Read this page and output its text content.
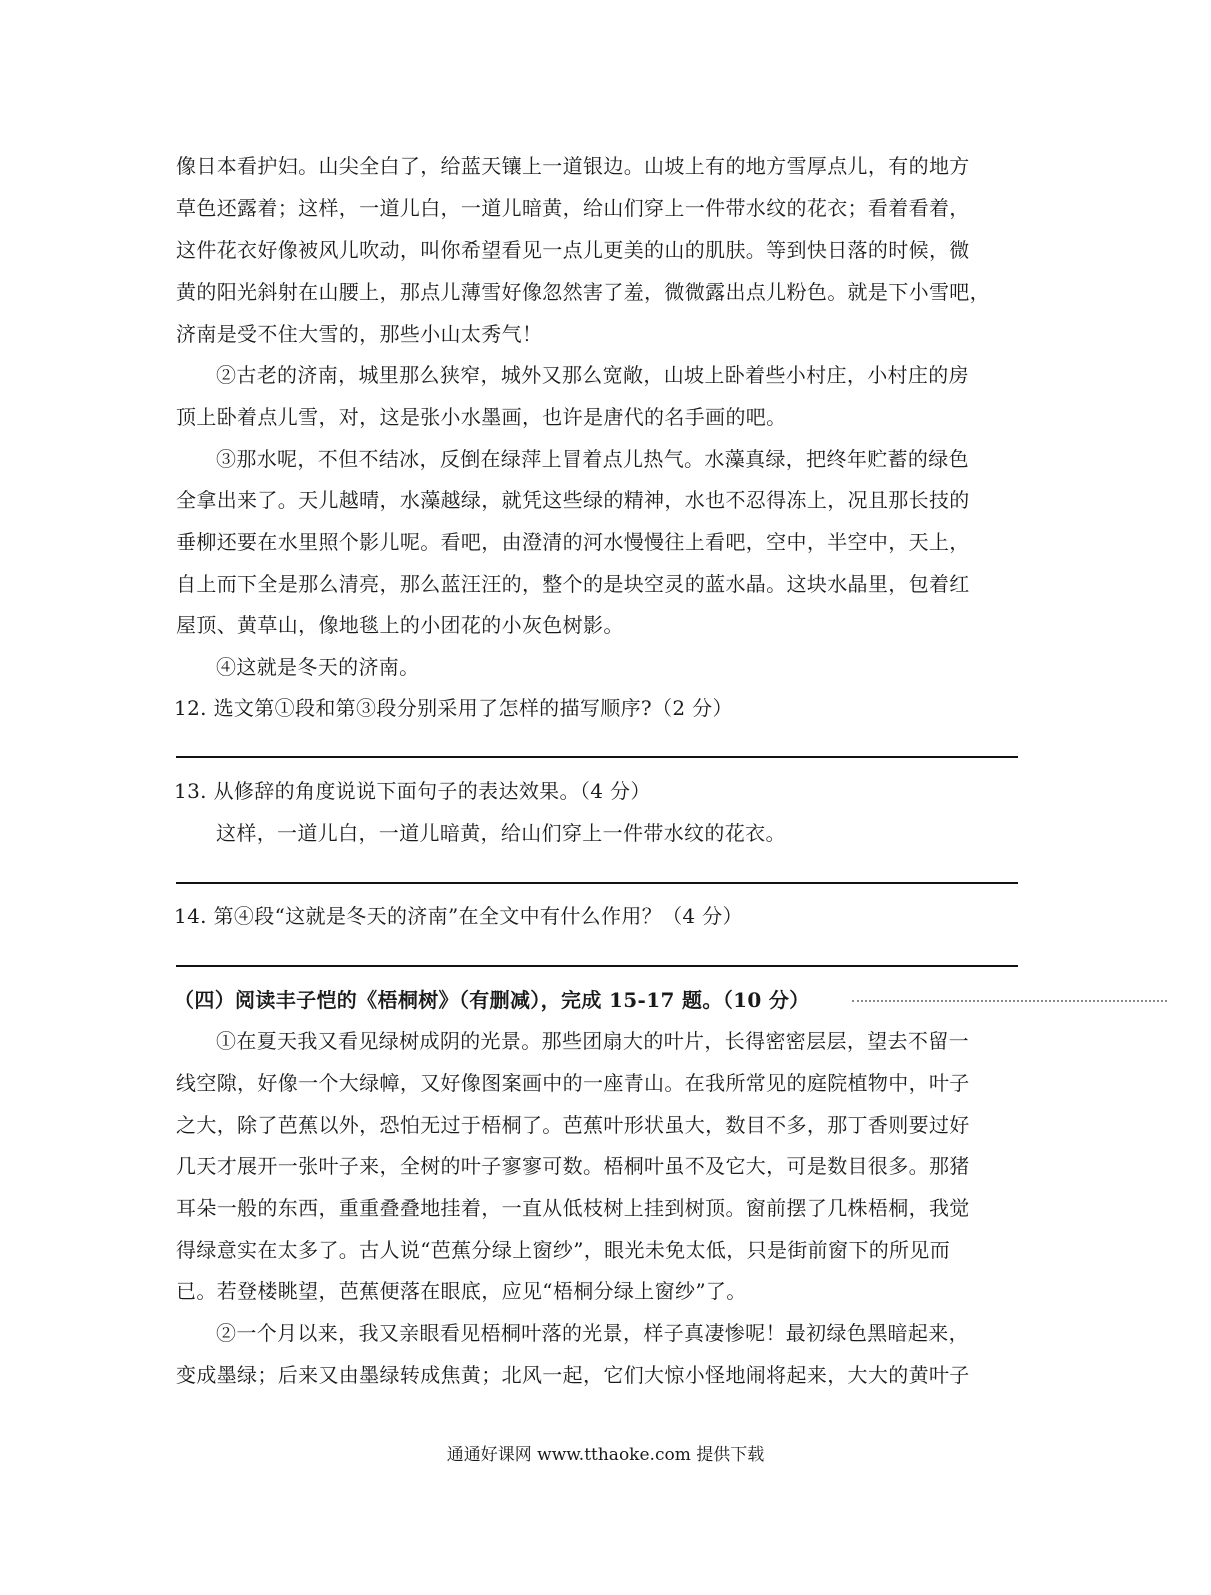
像日本看护妇。山尖全白了，给蓝天镶上一道银边。山坡上有的地方雪厚点儿，有的地方
草色还露着；这样，一道儿白，一道儿暗黄，给山们穿上一件带水纹的花衣；看着看着，
这件花衣好像被风儿吹动，叫你希望看见一点儿更美的山的肌肤。等到快日落的时候，微
黄的阳光斜射在山腰上，那点儿薄雪好像忽然害了羞，微微露出点儿粉色。就是下小雪吧，
济南是受不住大雪的，那些小山太秀气！
②古老的济南，城里那么狭窄，城外又那么宽敞，山坡上卧着些小村庄，小村庄的房
顶上卧着点儿雪，对，这是张小水墨画，也许是唐代的名手画的吧。
③那水呢，不但不结冰，反倒在绿萍上冒着点儿热气。水藻真绿，把终年贮蓄的绿色
全拿出来了。天儿越晴，水藻越绿，就凭这些绿的精神，水也不忍得冻上，况且那长技的
垂柳还要在水里照个影儿呢。看吧，由澄清的河水慢慢往上看吧，空中，半空中，天上，
自上而下全是那么清亮，那么蓝汪汪的，整个的是块空灵的蓝水晶。这块水晶里，包着红
屋顶、黄草山，像地毯上的小团花的小灰色树影。
④这就是冬天的济南。
12. 选文第①段和第③段分别采用了怎样的描写顺序?（2 分）
13. 从修辞的角度说说下面句子的表达效果。（4 分）
这样，一道儿白，一道儿暗黄，给山们穿上一件带水纹的花衣。
14. 第④段“这就是冬天的济南”在全文中有什么作用？（4 分）
（四）阅读丰子恺的《梧桐树》（有删减），完成 15-17 题。（10 分）
①在夏天我又看见绿树成阴的光景。那些团扇大的叶片，长得密密层层，望去不留一
线空隙，好像一个大绿幛，又好像图案画中的一座青山。在我所常见的庭院植物中，叶子
之大，除了芭蕉以外，恐怕无过于梧桐了。芭蕉叶形状虽大，数目不多，那丁香则要过好
几天才展开一张叶子来，全树的叶子寥寥可数。梧桐叶虽不及它大，可是数目很多。那猪
耳朵一般的东西，重重叠叠地挂着，一直从低枝树上挂到树顶。窗前摆了几株梧桐，我觉
得绿意实在太多了。古人说“芭蕉分绿上窗纱”，眼光未免太低，只是街前窗下的所见而
已。若登楼眺望，芭蕉便落在眼底，应见“梧桐分绿上窗纱”了。
②一个月以来，我又亲眼看见梧桐叶落的光景，样子真凄惨呢！最初绿色黑暗起来，
变成墨绿；后来又由墨绿转成焦黄；北风一起，它们大惊小怪地闹将起来，大大的黄叶子
通通好课网 www.tthaoke.com 提供下载
